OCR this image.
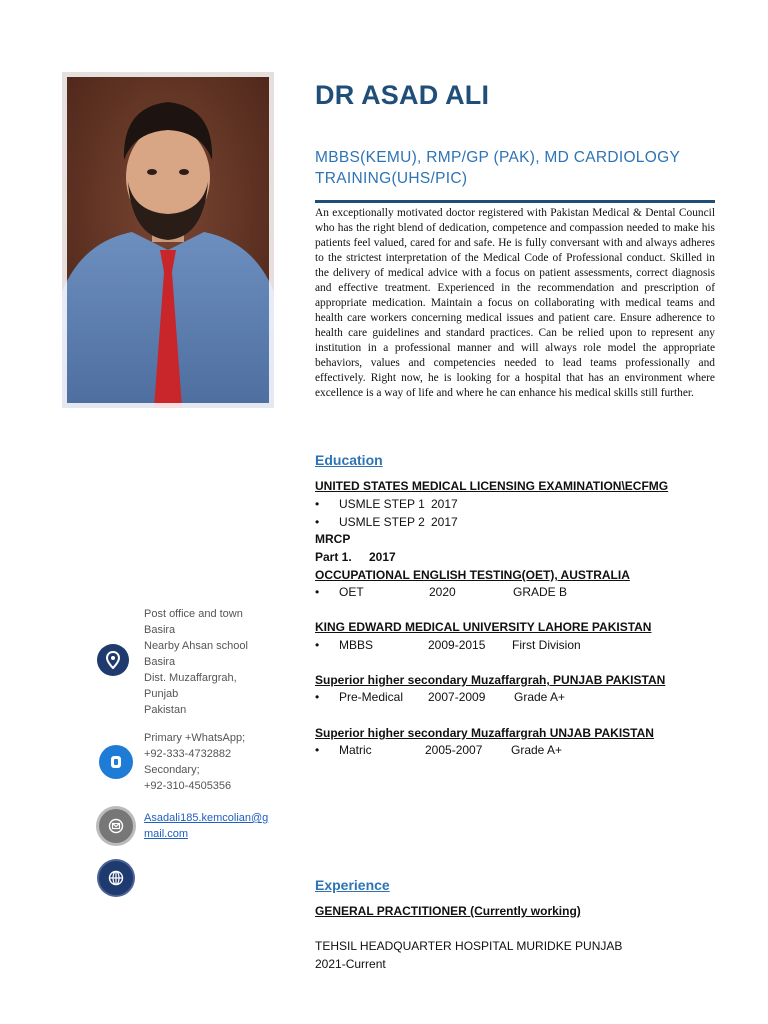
DR ASAD ALI
MBBS(KEMU), RMP/GP (PAK), MD CARDIOLOGY TRAINING(UHS/PIC)
An exceptionally motivated doctor registered with Pakistan Medical & Dental Council who has the right blend of dedication, competence and compassion needed to make his patients feel valued, cared for and safe. He is fully conversant with and always adheres to the strictest interpretation of the Medical Code of Professional conduct. Skilled in the delivery of medical advice with a focus on patient assessments, correct diagnosis and effective treatment. Experienced in the recommendation and prescription of appropriate medication. Maintain a focus on collaborating with medical teams and health care workers concerning medical issues and patient care. Ensure adherence to health care guidelines and standard practices. Can be relied upon to represent any institution in a professional manner and will always role model the appropriate behaviors, values and competencies needed to lead teams professionally and effectively. Right now, he is looking for a hospital that has an environment where excellence is a way of life and where he can enhance his medical skills still further.
Education
UNITED STATES MEDICAL LICENSING EXAMINATION\ECFMG
•	USMLE STEP 1 2017
•	USMLE STEP 2 2017
MRCP
Part 1. 2017
OCCUPATIONAL ENGLISH TESTING(OET), AUSTRALIA
•	OET	2020	GRADE B
KING EDWARD MEDICAL UNIVERSITY LAHORE PAKISTAN
•	MBBS	2009-2015	First Division
Superior higher secondary Muzaffargrah, PUNJAB PAKISTAN
•	Pre-Medical	2007-2009	Grade A+
Superior higher secondary Muzaffargrah UNJAB PAKISTAN
•	Matric	2005-2007	Grade A+
Experience
GENERAL PRACTITIONER (Currently working)
TEHSIL HEADQUARTER HOSPITAL MURIDKE PUNJAB
2021-Current
Post office and town
Basira
Nearby Ahsan school
Basira
Dist. Muzaffargrah,
Punjab
Pakistan
Primary +WhatsApp;
+92-333-4732882
Secondary;
+92-310-4505356
Asadali185.kemcolian@gmail.com
